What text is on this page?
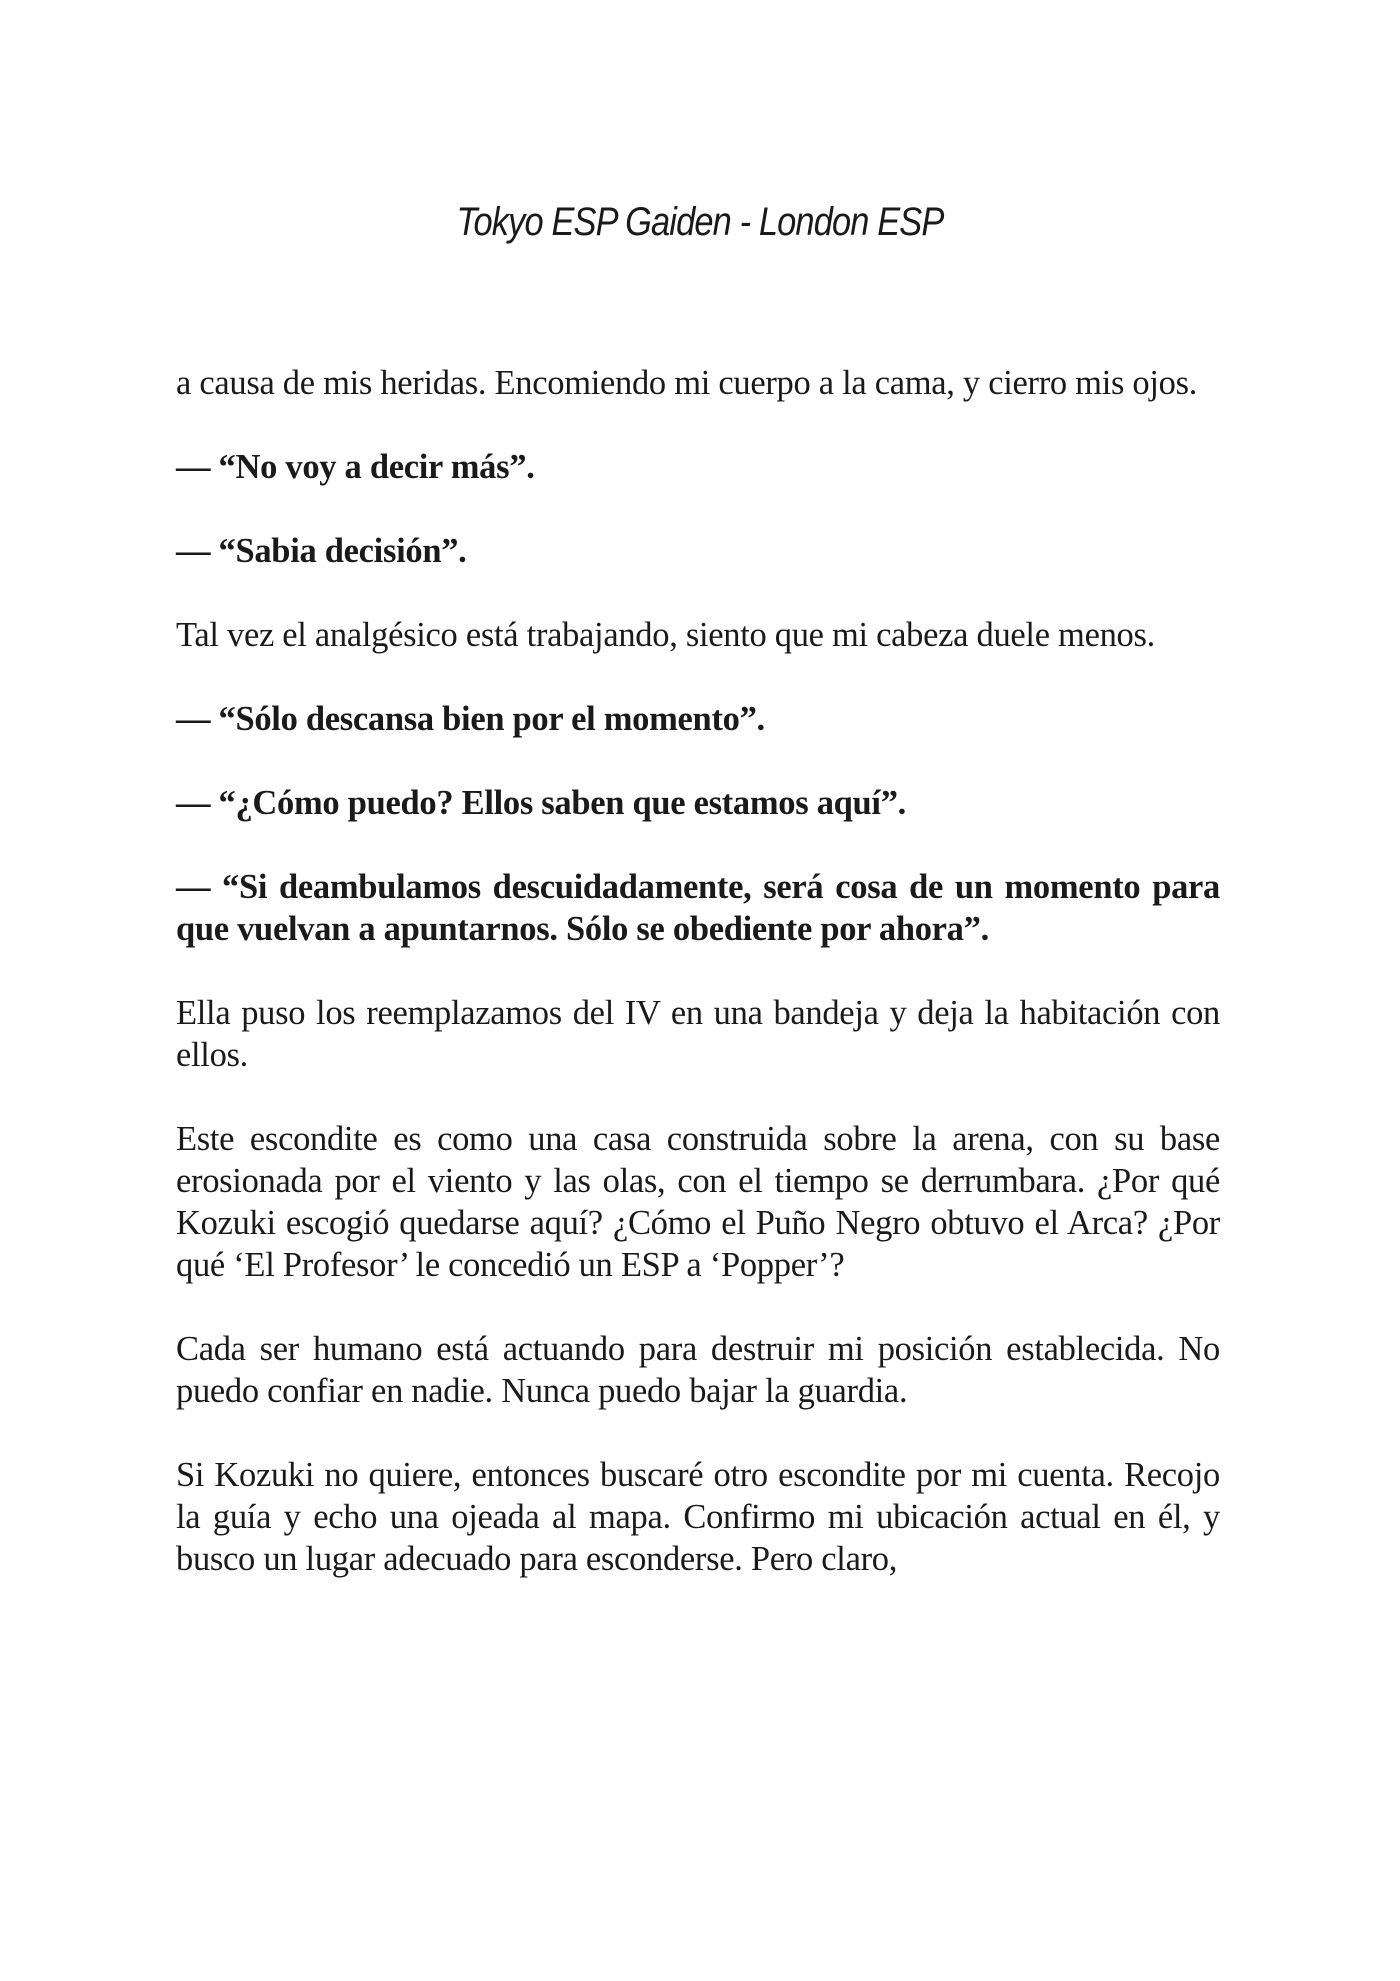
Tokyo ESP Gaiden - London ESP

a causa de mis heridas. Encomiendo mi cuerpo a la cama, y cierro mis ojos.

— “No voy a decir más”.

— “Sabia decisión”.

Tal vez el analgésico está trabajando, siento que mi cabeza duele menos.

— “Sólo descansa bien por el momento”.

— “¿Cómo puedo? Ellos saben que estamos aquí”.

— “Si deambulamos descuidadamente, será cosa de un momento para que vuelvan a apuntarnos. Sólo se obediente por ahora”.

Ella puso los reemplazamos del IV en una bandeja y deja la habitación con ellos.

Este escondite es como una casa construida sobre la arena, con su base erosionada por el viento y las olas, con el tiempo se derrumbara. ¿Por qué Kozuki escogió quedarse aquí? ¿Cómo el Puño Negro obtuvo el Arca? ¿Por qué ‘El Profesor’ le concedió un ESP a ‘Popper’?

Cada ser humano está actuando para destruir mi posición establecida. No puedo confiar en nadie. Nunca puedo bajar la guardia.

Si Kozuki no quiere, entonces buscaré otro escondite por mi cuenta. Recojo la guía y echo una ojeada al mapa. Confirmo mi ubicación actual en él, y busco un lugar adecuado para esconderse. Pero claro,
